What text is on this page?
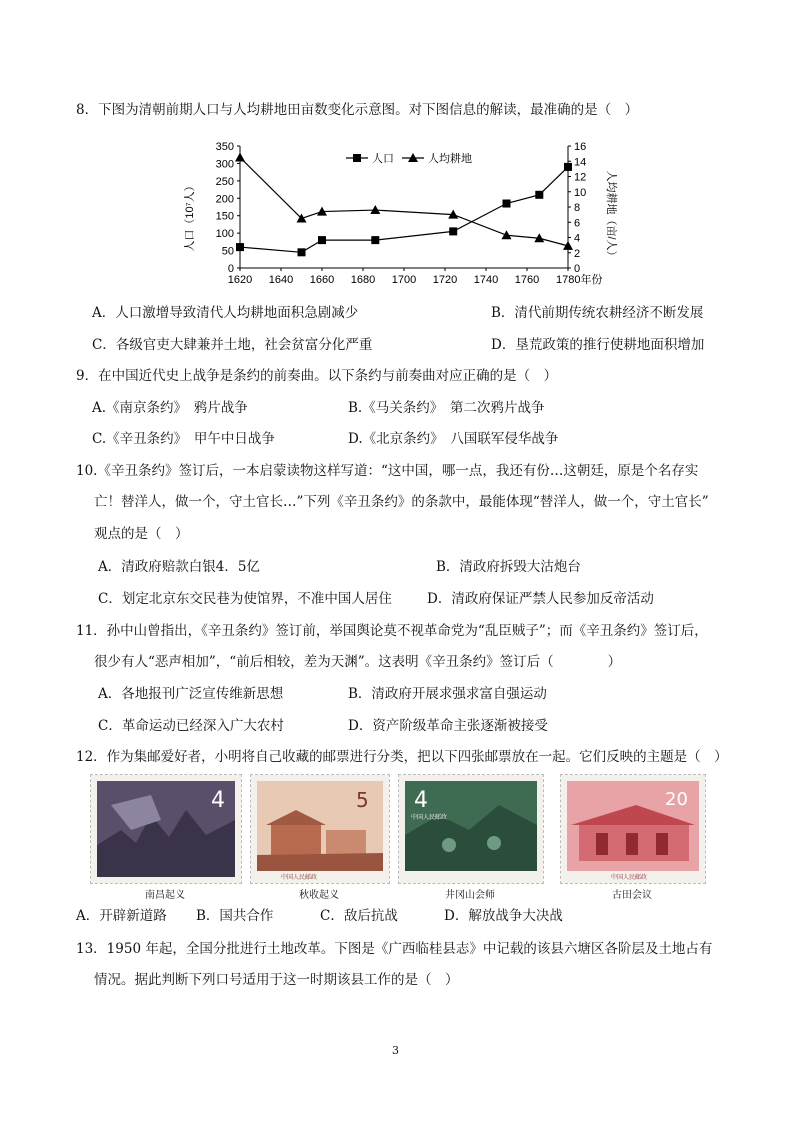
8．下图为清朝前期人口与人均耕地田亩数变化示意图。对下图信息的解读，最准确的是（　）
0
50
100
150
200
250
300
350
0
2
4
6
8
10
12
14
16
1620 1640 1660 1680 1700 1720 1740 1760 1780年份
人口	人均耕地
人口（10⁷人）	人均耕地（亩/人）
A．人口激增导致清代人均耕地面积急剧减少	B．清代前期传统农耕经济不断发展
C．各级官吏大肆兼并土地，社会贫富分化严重	D．垦荒政策的推行使耕地面积增加
9．在中国近代史上战争是条约的前奏曲。以下条约与前奏曲对应正确的是（　）
A.《南京条约》　鸦片战争	B.《马关条约》　第二次鸦片战争
C.《辛丑条约》　甲午中日战争	D.《北京条约》　八国联军侵华战争
10.《辛丑条约》签订后，一本启蒙读物这样写道：“这中国，哪一点，我还有份…这朝廷，原是个名存实
亡！替洋人，做一个，守土官长…”下列《辛丑条约》的条款中，最能体现“替洋人，做一个，守土官长”
观点的是（　）
A．清政府赔款白银4．5亿	B．清政府拆毁大沽炮台
C．划定北京东交民巷为使馆界，不准中国人居住	D．清政府保证严禁人民参加反帝活动
11．孙中山曾指出，《辛丑条约》签订前，举国舆论莫不视革命党为“乱臣贼子”；而《辛丑条约》签订后，
很少有人“恶声相加”，“前后相较，差为天渊”。这表明《辛丑条约》签订后（　　　　）
A．各地报刊广泛宣传维新思想	B．清政府开展求强求富自强运动
C．革命运动已经深入广大农村	D．资产阶级革命主张逐渐被接受
12．作为集邮爱好者，小明将自己收藏的邮票进行分类，把以下四张邮票放在一起。它们反映的主题是（　）
4
南昌起义
5
中国人民邮政
秋收起义
4
中国人民邮政
井冈山会师
20
中国人民邮政
古田会议
A．开辟新道路 B．国共合作	C．敌后抗战	D．解放战争大决战
13．1950 年起，全国分批进行土地改革。下图是《广西临桂县志》中记载的该县六塘区各阶层及土地占有
情况。据此判断下列口号适用于这一时期该县工作的是（　）
3
